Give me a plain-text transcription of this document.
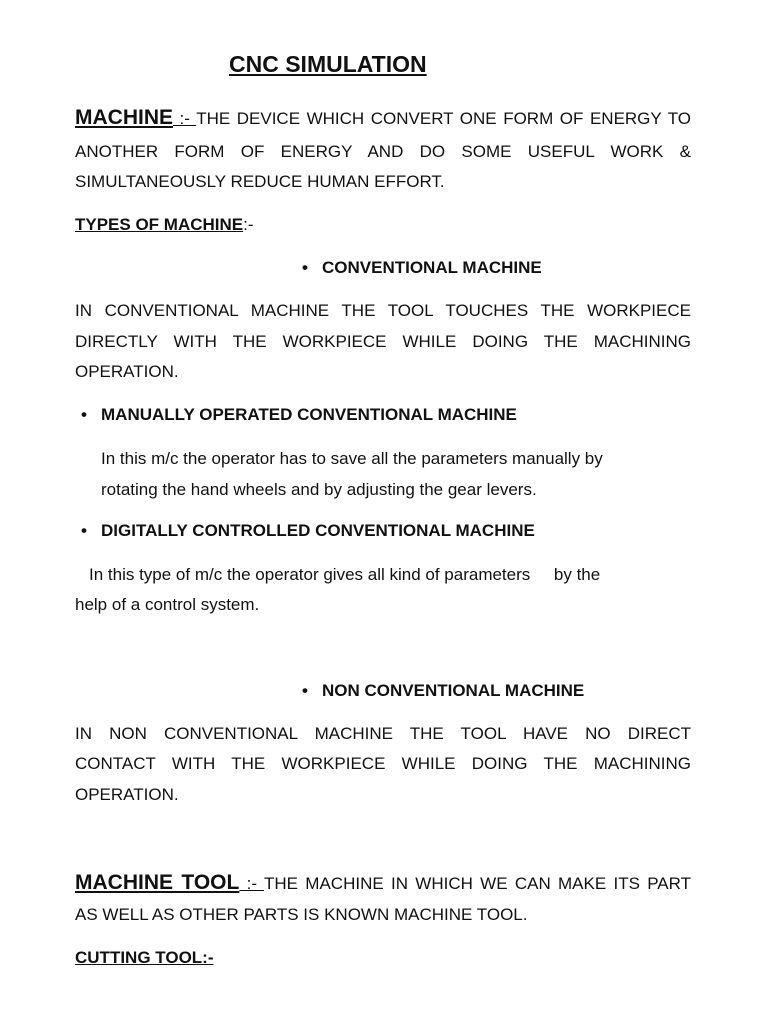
CNC SIMULATION
MACHINE :- THE DEVICE WHICH CONVERT ONE FORM OF ENERGY TO
ANOTHER FORM OF ENERGY AND DO SOME USEFUL WORK &
SIMULTANEOUSLY REDUCE HUMAN EFFORT.
TYPES OF MACHINE:-
• CONVENTIONAL MACHINE
IN CONVENTIONAL MACHINE THE TOOL TOUCHES THE WORKPIECE
DIRECTLY WITH THE WORKPIECE WHILE DOING THE MACHINING
OPERATION.
• MANUALLY OPERATED CONVENTIONAL MACHINE
In this m/c the operator has to save all the parameters manually by
rotating the hand wheels and by adjusting the gear levers.
• DIGITALLY CONTROLLED CONVENTIONAL MACHINE
In this type of m/c the operator gives all kind of parameters     by the
help of a control system.
• NON CONVENTIONAL MACHINE
IN NON CONVENTIONAL MACHINE THE TOOL HAVE NO DIRECT
CONTACT WITH THE WORKPIECE WHILE DOING THE MACHINING
OPERATION.
MACHINE TOOL :- THE MACHINE IN WHICH WE CAN MAKE ITS PART
AS WELL AS OTHER PARTS IS KNOWN MACHINE TOOL.
CUTTING TOOL:-
